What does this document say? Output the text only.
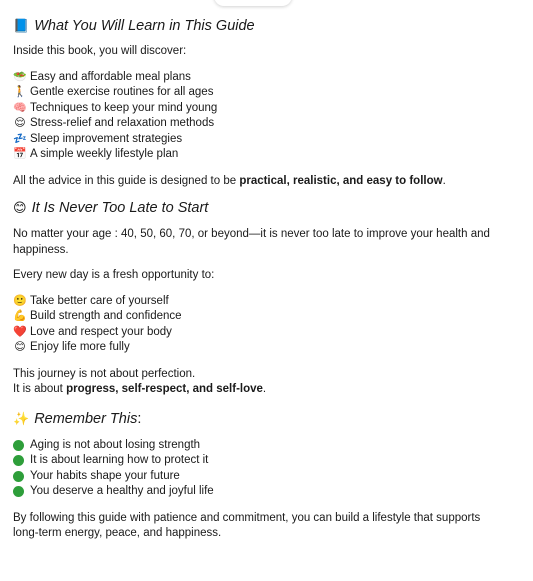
📘 What You Will Learn in This Guide
Inside this book, you will discover:
🥗 Easy and affordable meal plans
🚶 Gentle exercise routines for all ages
🧠 Techniques to keep your mind young
😌 Stress-relief and relaxation methods
💤 Sleep improvement strategies
📅 A simple weekly lifestyle plan
All the advice in this guide is designed to be practical, realistic, and easy to follow.
😊 It Is Never Too Late to Start
No matter your age : 40, 50, 60, 70, or beyond—it is never too late to improve your health and happiness.
Every new day is a fresh opportunity to:
🙂 Take better care of yourself
💪 Build strength and confidence
❤️ Love and respect your body
😊 Enjoy life more fully
This journey is not about perfection.
It is about progress, self-respect, and self-love.
✨ Remember This:
Aging is not about losing strength
It is about learning how to protect it
Your habits shape your future
You deserve a healthy and joyful life
By following this guide with patience and commitment, you can build a lifestyle that supports long-term energy, peace, and happiness.
